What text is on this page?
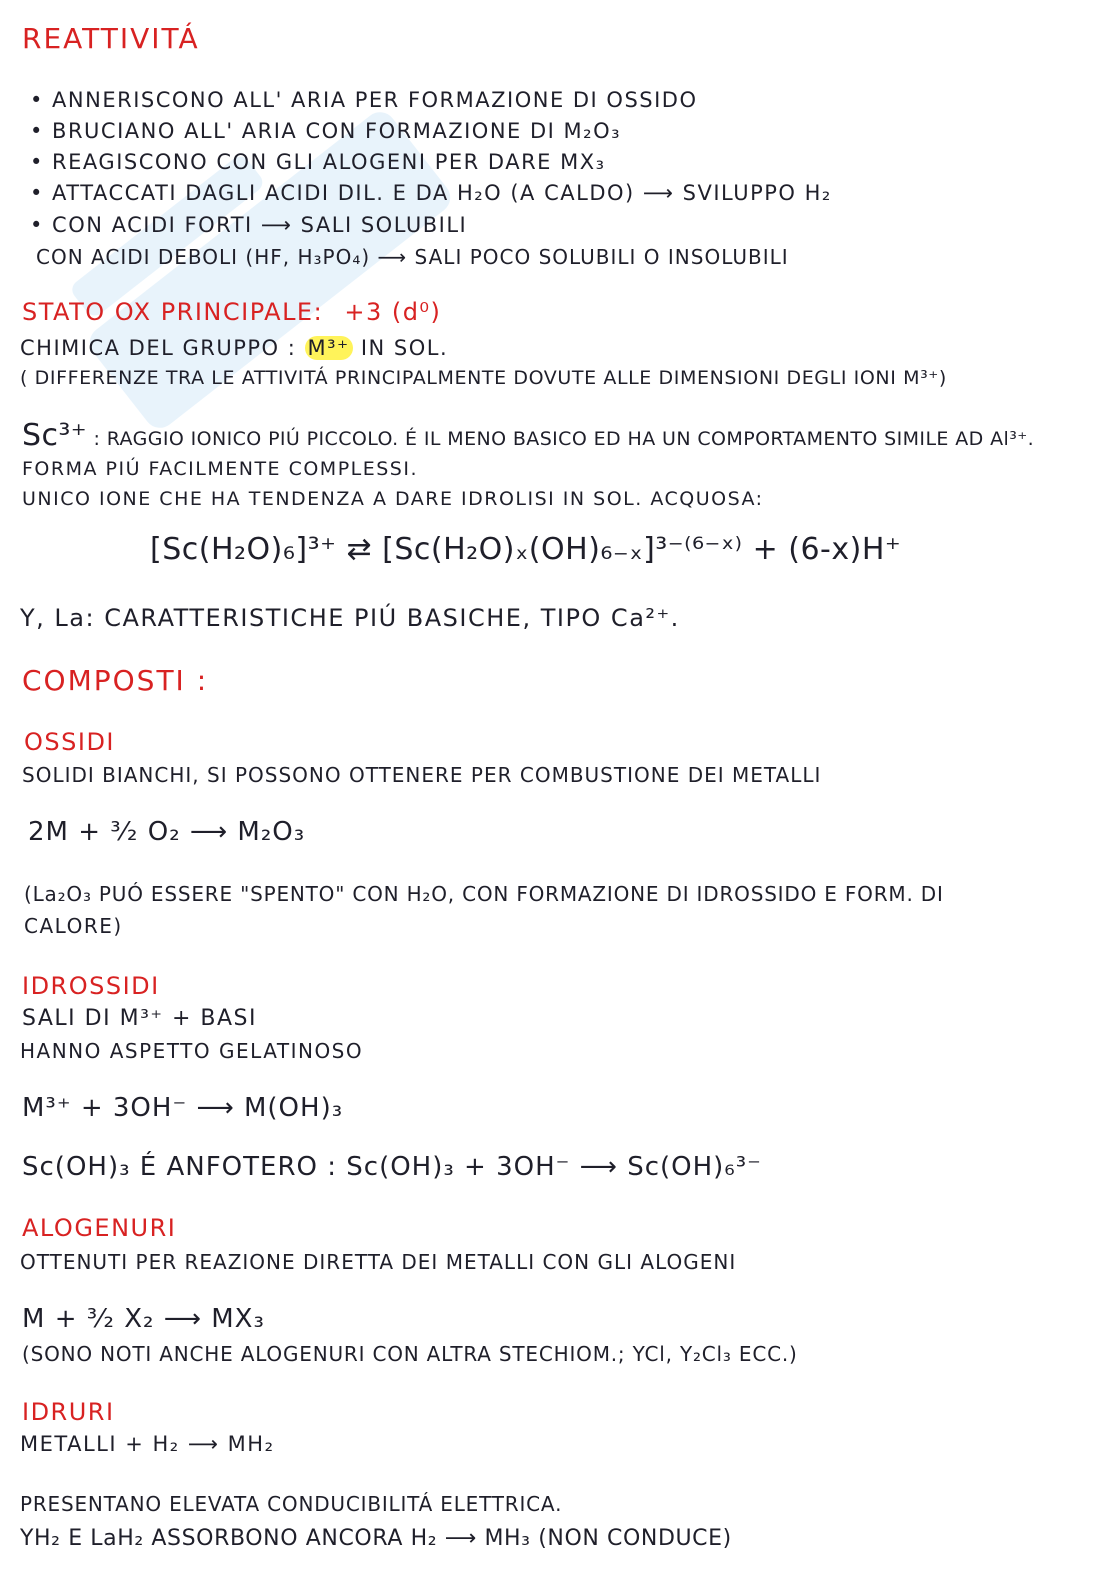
REATTIVITÁ
• ANNERISCONO ALL' ARIA PER FORMAZIONE DI OSSIDO
• BRUCIANO ALL' ARIA CON FORMAZIONE DI M₂O₃
• REAGISCONO CON GLI ALOGENI PER DARE MX₃
• ATTACCATI DAGLI ACIDI DIL. E DA H₂O (A CALDO) ⟶ SVILUPPO H₂
• CON ACIDI FORTI ⟶ SALI SOLUBILI
CON ACIDI DEBOLI (HF, H₃PO₄) ⟶ SALI POCO SOLUBILI O INSOLUBILI
STATO OX PRINCIPALE: +3 (d⁰)
CHIMICA DEL GRUPPO : M³⁺ IN SOL.
( DIFFERENZE TRA LE ATTIVITÁ PRINCIPALMENTE DOVUTE ALLE DIMENSIONI DEGLI IONI M³⁺)
Sc³⁺ : RAGGIO IONICO PIÚ PICCOLO. É IL MENO BASICO ED HA UN COMPORTAMENTO SIMILE AD Al³⁺.
FORMA PIÚ FACILMENTE COMPLESSI.
UNICO IONE CHE HA TENDENZA A DARE IDROLISI IN SOL. ACQUOSA:
[Sc(H₂O)₆]³⁺ ⇄ [Sc(H₂O)ₓ(OH)₆₋ₓ]³⁻⁽⁶⁻ˣ⁾ + (6-x)H⁺
Y, La: CARATTERISTICHE PIÚ BASICHE, TIPO Ca²⁺.
COMPOSTI :
OSSIDI
SOLIDI BIANCHI, SI POSSONO OTTENERE PER COMBUSTIONE DEI METALLI
2M + ³⁄₂ O₂ ⟶ M₂O₃
(La₂O₃ PUÓ ESSERE "SPENTO" CON H₂O, CON FORMAZIONE DI IDROSSIDO E FORM. DI
CALORE)
IDROSSIDI
SALI DI M³⁺ + BASI
HANNO ASPETTO GELATINOSO
M³⁺ + 3OH⁻ ⟶ M(OH)₃
Sc(OH)₃ É ANFOTERO : Sc(OH)₃ + 3OH⁻ ⟶ Sc(OH)₆³⁻
ALOGENURI
OTTENUTI PER REAZIONE DIRETTA DEI METALLI CON GLI ALOGENI
M + ³⁄₂ X₂ ⟶ MX₃
(SONO NOTI ANCHE ALOGENURI CON ALTRA STECHIOM.; YCl, Y₂Cl₃ ECC.)
IDRURI
METALLI + H₂ ⟶ MH₂
PRESENTANO ELEVATA CONDUCIBILITÁ ELETTRICA.
YH₂ E LaH₂ ASSORBONO ANCORA H₂ ⟶ MH₃ (NON CONDUCE)
